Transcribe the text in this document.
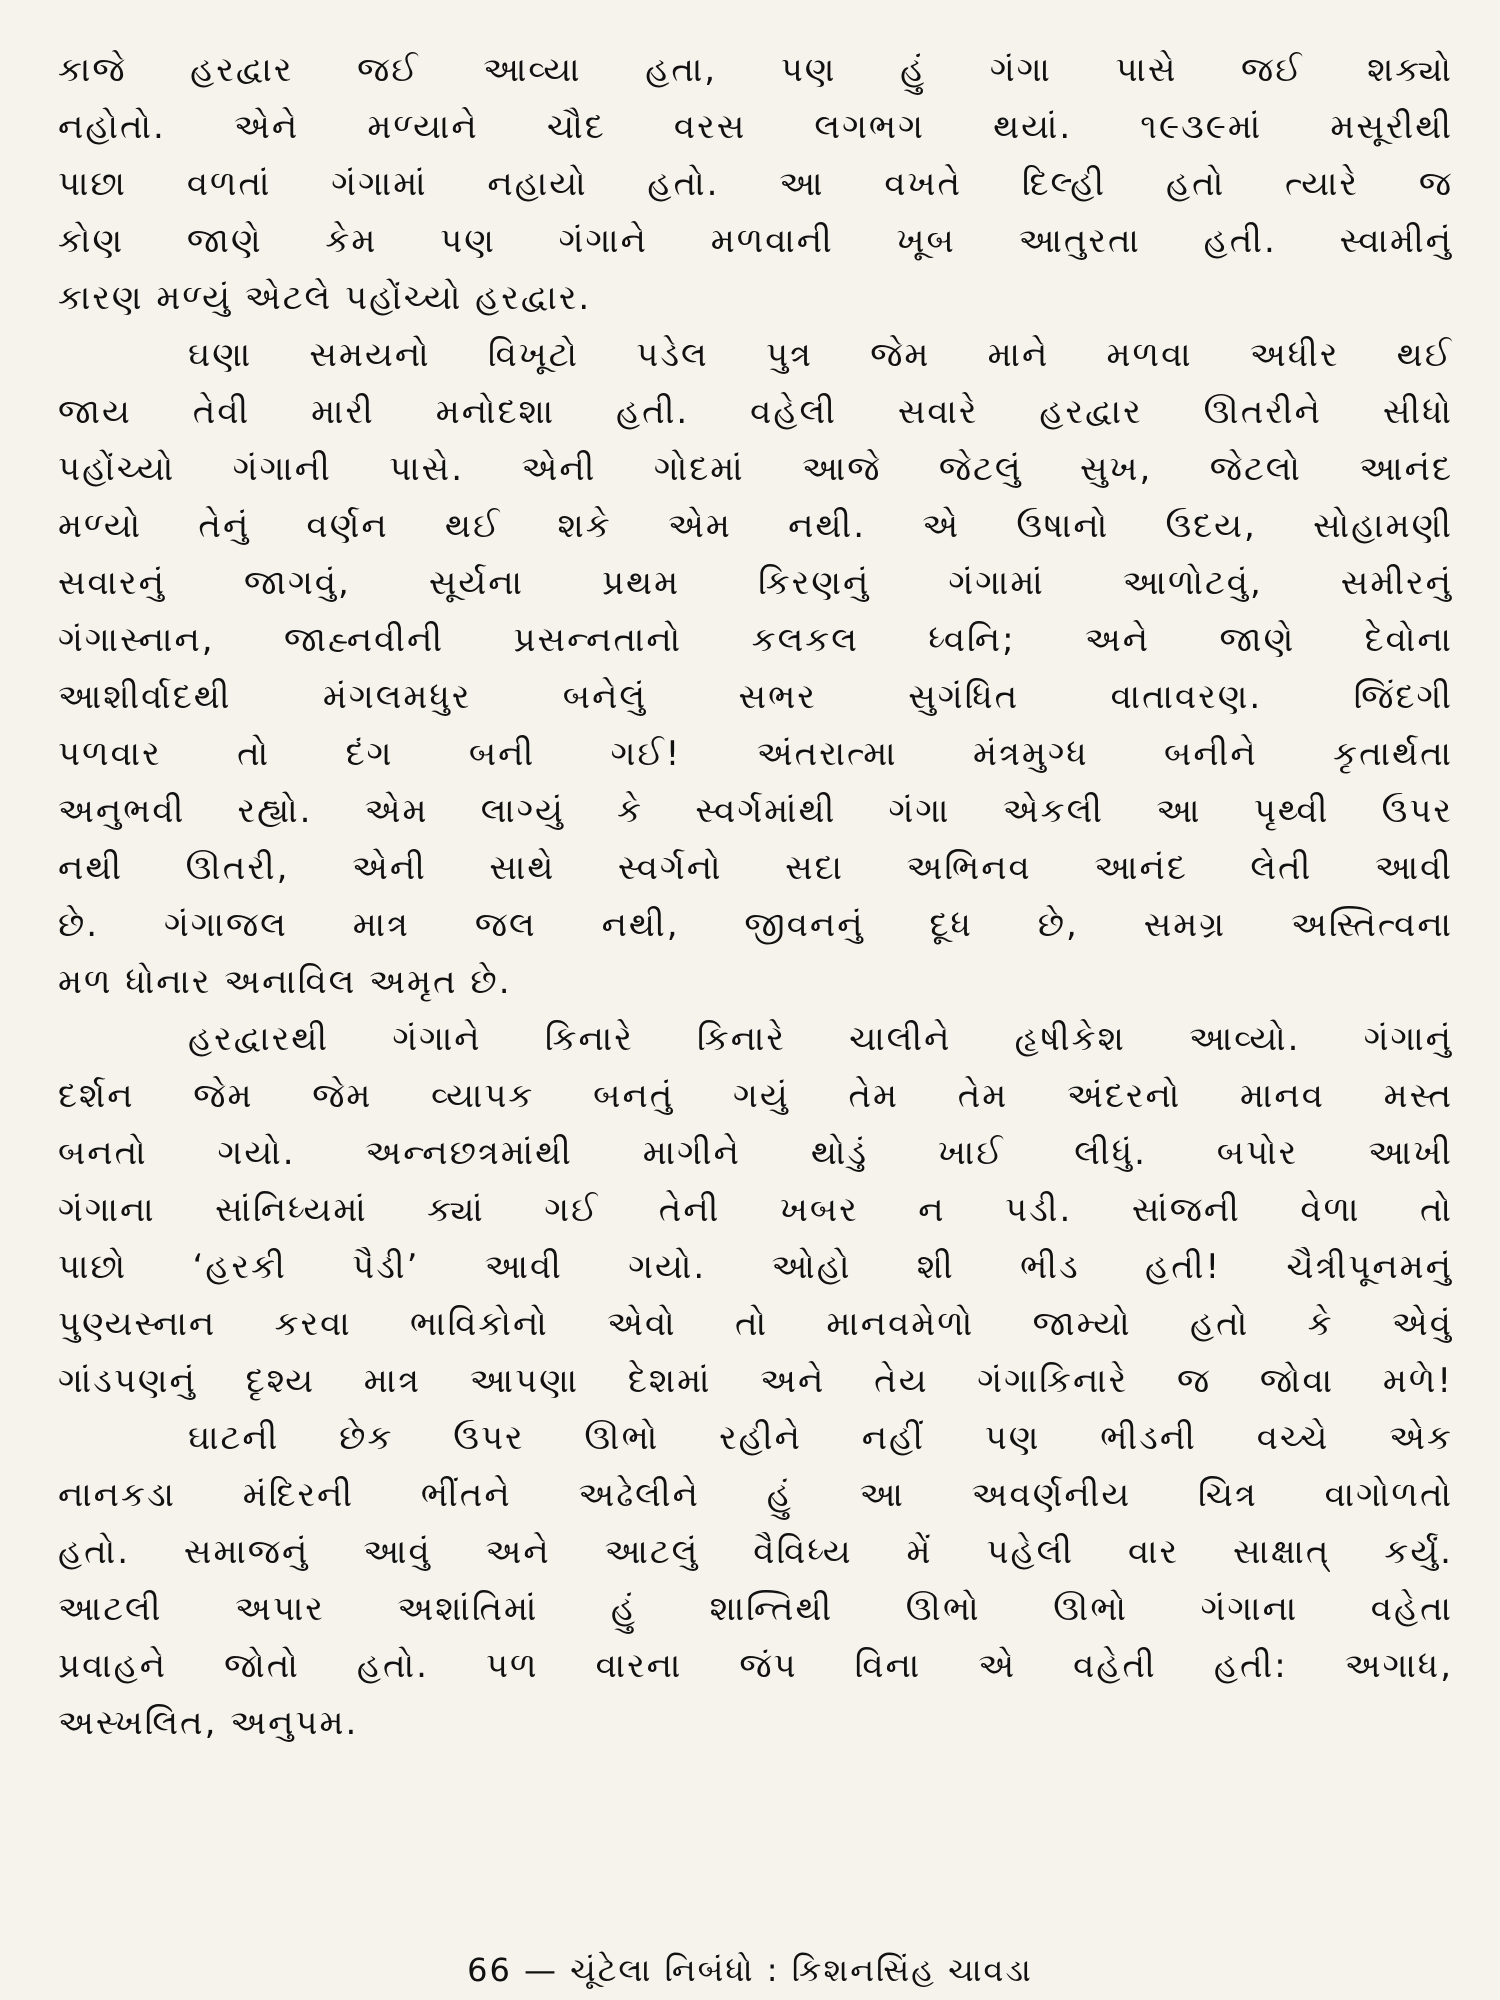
કાજે હરદ્વાર જઈ આવ્યા હતા, પણ હું ગંગા પાસે જઈ શક્યો
નહોતો. એને મળ્યાને ચૌદ વરસ લગભગ થયાં. ૧૯૩૯માં મસૂરીથી
પાછા વળતાં ગંગામાં નહાયો હતો. આ વખતે દિલ્હી હતો ત્યારે જ
કોણ જાણે કેમ પણ ગંગાને મળવાની ખૂબ આતુરતા હતી. સ્વામીનું
કારણ મળ્યું એટલે પહોંચ્યો હરદ્વાર.
ઘણા સમયનો વિખૂટો પડેલ પુત્ર જેમ માને મળવા અધીર થઈ
જાય તેવી મારી મનોદશા હતી. વહેલી સવારે હરદ્વાર ઊતરીને સીધો
પહોંચ્યો ગંગાની પાસે. એની ગોદમાં આજે જેટલું સુખ, જેટલો આનંદ
મળ્યો તેનું વર્ણન થઈ શકે એમ નથી. એ ઉષાનો ઉદય, સોહામણી
સવારનું જાગવું, સૂર્યના પ્રથમ કિરણનું ગંગામાં આળોટવું, સમીરનું
ગંગાસ્નાન, જાહ્નવીની પ્રસન્નતાનો કલકલ ધ્વનિ; અને જાણે દેવોના
આશીર્વાદથી મંગલમધુર બનેલું સભર સુગંધિત વાતાવરણ. જિંદગી
પળવાર તો દંગ બની ગઈ! અંતરાત્મા મંત્રમુગ્ધ બનીને કૃતાર્થતા
અનુભવી રહ્યો. એમ લાગ્યું કે સ્વર્ગમાંથી ગંગા એકલી આ પૃથ્વી ઉપર
નથી ઊતરી, એની સાથે સ્વર્ગનો સદા અભિનવ આનંદ લેતી આવી
છે. ગંગાજલ માત્ર જલ નથી, જીવનનું દૂધ છે, સમગ્ર અસ્તિત્વના
મળ ધોનાર અનાવિલ અમૃત છે.
હરદ્વારથી ગંગાને કિનારે કિનારે ચાલીને હૃષીકેશ આવ્યો. ગંગાનું
દર્શન જેમ જેમ વ્યાપક બનતું ગયું તેમ તેમ અંદરનો માનવ મસ્ત
બનતો ગયો. અન્નછત્રમાંથી માગીને થોડું ખાઈ લીધું. બપોર આખી
ગંગાના સાંનિધ્યમાં ક્યાં ગઈ તેની ખબર ન પડી. સાંજની વેળા તો
પાછો ‘હરકી પૈડી’ આવી ગયો. ઓહો શી ભીડ હતી! ચૈત્રીપૂનમનું
પુણ્યસ્નાન કરવા ભાવિકોનો એવો તો માનવમેળો જામ્યો હતો કે એવું
ગાંડપણનું દૃશ્ય માત્ર આપણા દેશમાં અને તેય ગંગાકિનારે જ જોવા મળે!
ઘાટની છેક ઉપર ઊભો રહીને નહીં પણ ભીડની વચ્ચે એક
નાનકડા મંદિરની ભીંતને અઢેલીને હું આ અવર્ણનીય ચિત્ર વાગોળતો
હતો. સમાજનું આવું અને આટલું વૈવિધ્ય મેં પહેલી વાર સાક્ષાત્ કર્યું.
આટલી અપાર અશાંતિમાં હું શાન્તિથી ઊભો ઊભો ગંગાના વહેતા
પ્રવાહને જોતો હતો. પળ વારના જંપ વિના એ વહેતી હતી: અગાધ,
અસ્ખલિત, અનુપમ.
66 — ચૂંટેલા નિબંધો : કિશનસિંહ ચાવડા
